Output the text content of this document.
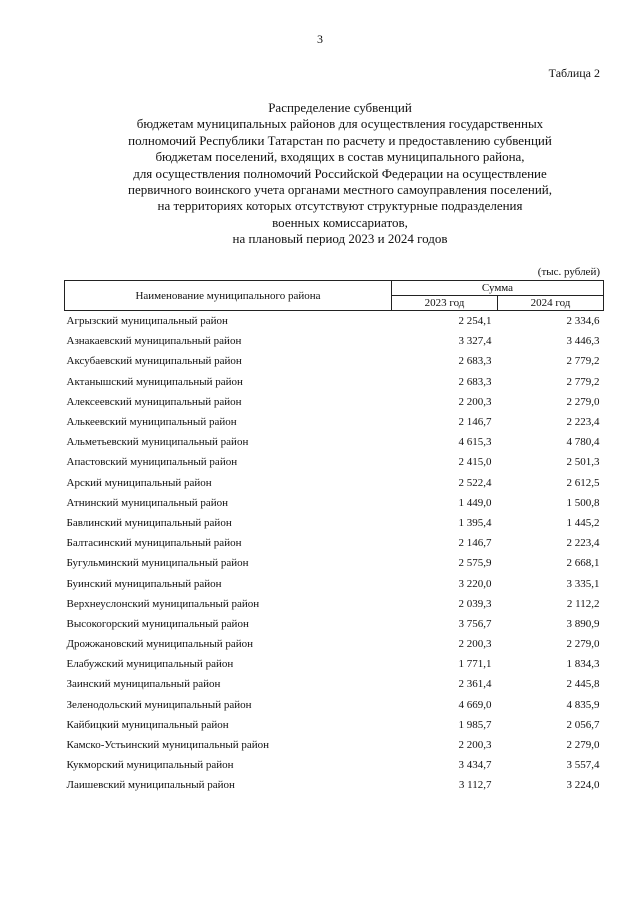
3
Таблица 2
Распределение субвенций
бюджетам муниципальных районов для осуществления государственных
полномочий Республики Татарстан по расчету и предоставлению субвенций
бюджетам поселений, входящих в состав муниципального района,
для осуществления полномочий Российской Федерации на осуществление
первичного воинского учета органами местного самоуправления поселений,
на территориях которых отсутствуют структурные подразделения
военных комиссариатов,
на плановый период 2023 и 2024 годов
(тыс. рублей)
Наименование муниципального района	Сумма	
	2023 год	2024 год
Агрызский муниципальный район	2 254,1	2 334,6
Азнакаевский муниципальный район	3 327,4	3 446,3
Аксубаевский муниципальный район	2 683,3	2 779,2
Актанышский муниципальный район	2 683,3	2 779,2
Алексеевский муниципальный район	2 200,3	2 279,0
Алькеевский муниципальный район	2 146,7	2 223,4
Альметьевский муниципальный район	4 615,3	4 780,4
Апастовский муниципальный район	2 415,0	2 501,3
Арский муниципальный район	2 522,4	2 612,5
Атнинский муниципальный район	1 449,0	1 500,8
Бавлинский муниципальный район	1 395,4	1 445,2
Балтасинский муниципальный район	2 146,7	2 223,4
Бугульминский муниципальный район	2 575,9	2 668,1
Буинский муниципальный район	3 220,0	3 335,1
Верхнеуслонский муниципальный район	2 039,3	2 112,2
Высокогорский муниципальный район	3 756,7	3 890,9
Дрожжановский муниципальный район	2 200,3	2 279,0
Елабужский муниципальный район	1 771,1	1 834,3
Заинский муниципальный район	2 361,4	2 445,8
Зеленодольский муниципальный район	4 669,0	4 835,9
Кайбицкий муниципальный район	1 985,7	2 056,7
Камско-Устьинский муниципальный район	2 200,3	2 279,0
Кукморский муниципальный район	3 434,7	3 557,4
Лаишевский муниципальный район	3 112,7	3 224,0
